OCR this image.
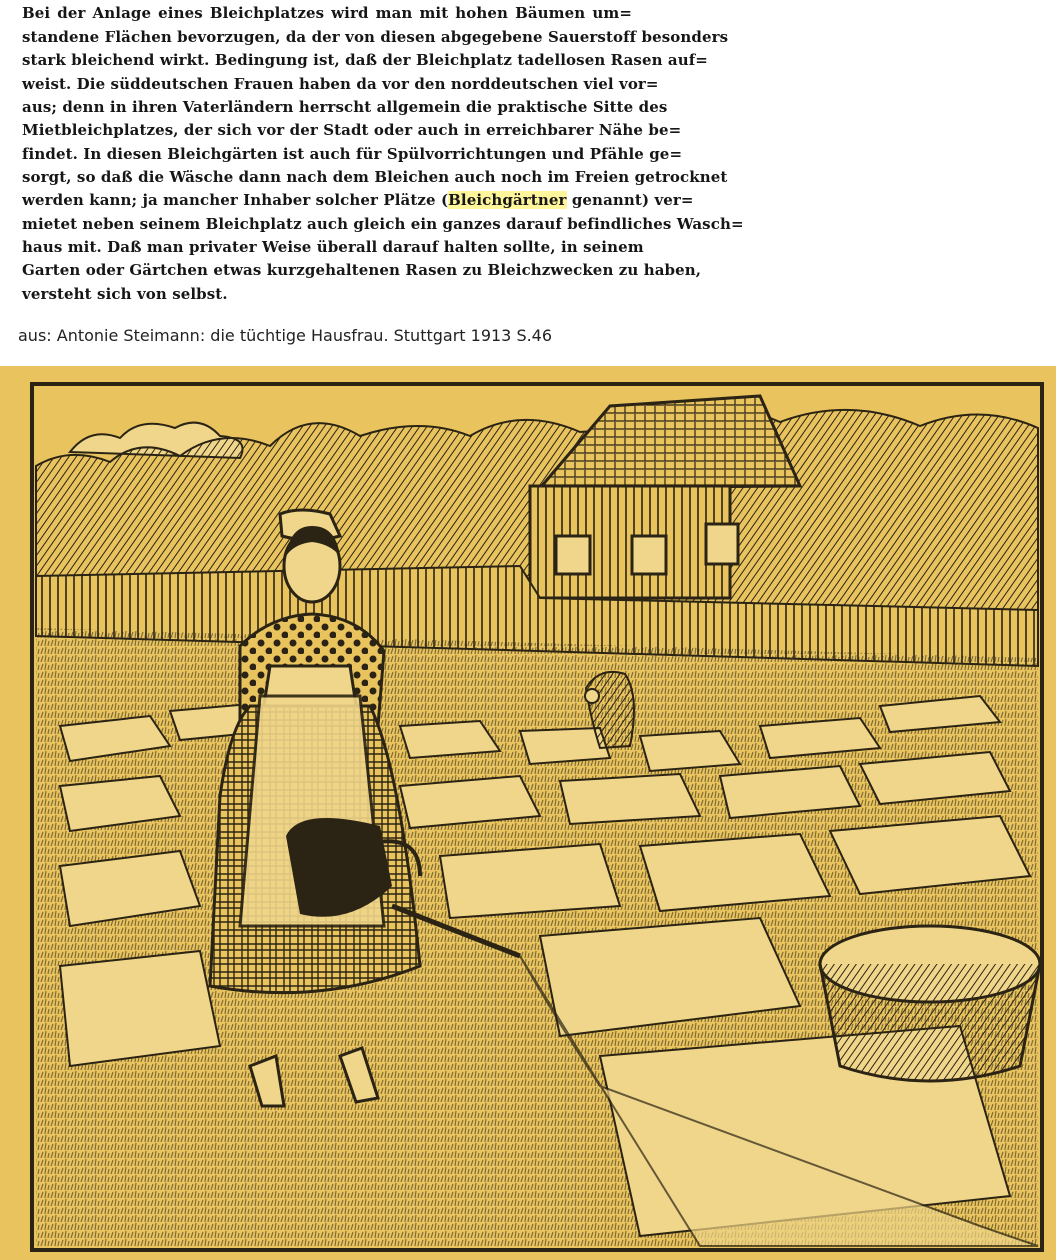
Bei der Anlage eines Bleichplatzes wird man mit hohen Bäumen um=
standene Flächen bevorzugen, da der von diesen abgegebene Sauerstoff besonders
stark bleichend wirkt. Bedingung ist, daß der Bleichplatz tadellosen Rasen auf=
weist. Die süddeutschen Frauen haben da vor den norddeutschen viel vor=
aus; denn in ihren Vaterländern herrscht allgemein die praktische Sitte des
Mietbleichplatzes, der sich vor der Stadt oder auch in erreichbarer Nähe be=
findet. In diesen Bleichgärten ist auch für Spülvorrichtungen und Pfähle ge=
sorgt, so daß die Wäsche dann nach dem Bleichen auch noch im Freien getrocknet
werden kann; ja mancher Inhaber solcher Plätze (Bleichgärtner genannt) ver=
mietet neben seinem Bleichplatz auch gleich ein ganzes darauf befindliches Wasch=
haus mit. Daß man privater Weise überall darauf halten sollte, in seinem
Garten oder Gärtchen etwas kurzgehaltenen Rasen zu Bleichzwecken zu haben,
versteht sich von selbst.
aus: Antonie Steimann: die tüchtige Hausfrau. Stuttgart 1913 S.46
